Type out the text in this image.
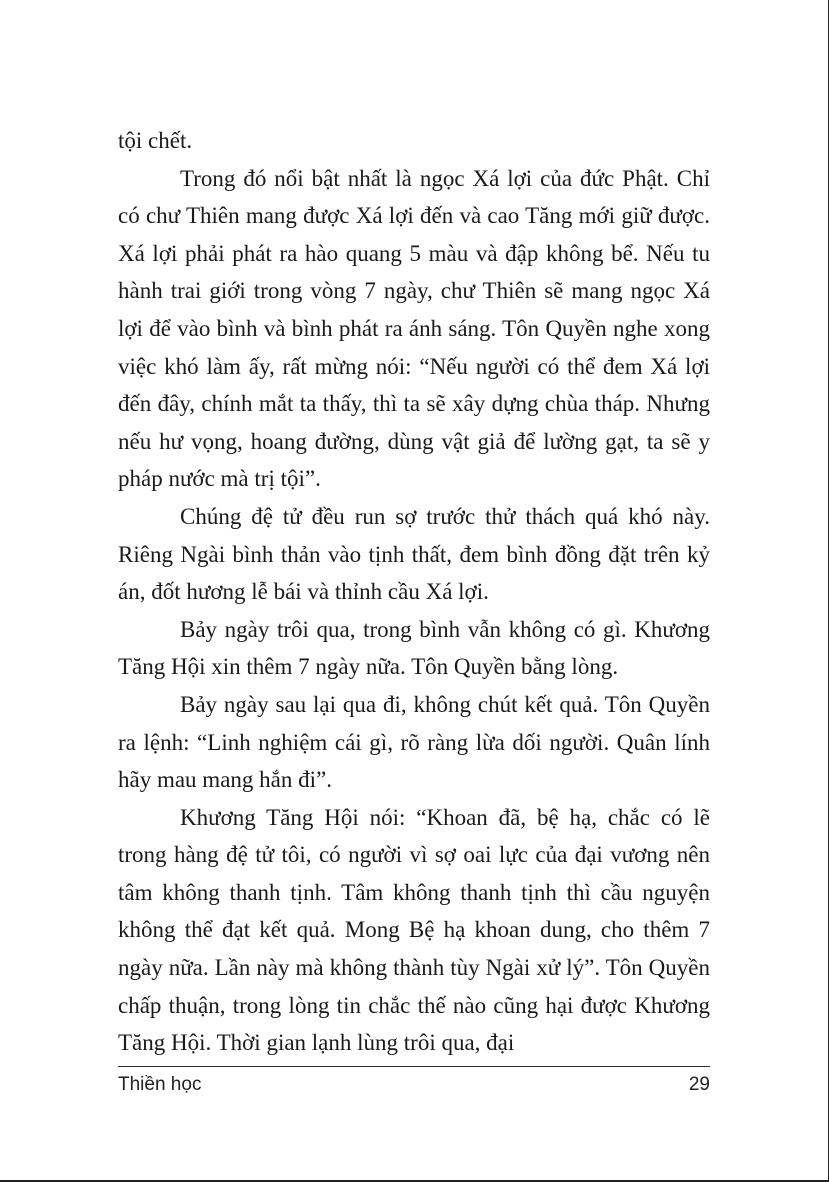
tội chết.

Trong đó nổi bật nhất là ngọc Xá lợi của đức Phật. Chỉ có chư Thiên mang được Xá lợi đến và cao Tăng mới giữ được. Xá lợi phải phát ra hào quang 5 màu và đập không bể. Nếu tu hành trai giới trong vòng 7 ngày, chư Thiên sẽ mang ngọc Xá lợi để vào bình và bình phát ra ánh sáng. Tôn Quyền nghe xong việc khó làm ấy, rất mừng nói: “Nếu người có thể đem Xá lợi đến đây, chính mắt ta thấy, thì ta sẽ xây dựng chùa tháp. Nhưng nếu hư vọng, hoang đường, dùng vật giả để lường gạt, ta sẽ y pháp nước mà trị tội”.

Chúng đệ tử đều run sợ trước thử thách quá khó này. Riêng Ngài bình thản vào tịnh thất, đem bình đồng đặt trên kỷ án, đốt hương lễ bái và thỉnh cầu Xá lợi.

Bảy ngày trôi qua, trong bình vẫn không có gì. Khương Tăng Hội xin thêm 7 ngày nữa. Tôn Quyền bằng lòng.

Bảy ngày sau lại qua đi, không chút kết quả. Tôn Quyền ra lệnh: “Linh nghiệm cái gì, rõ ràng lừa dối người. Quân lính hãy mau mang hắn đi”.

Khương Tăng Hội nói: “Khoan đã, bệ hạ, chắc có lẽ trong hàng đệ tử tôi, có người vì sợ oai lực của đại vương nên tâm không thanh tịnh. Tâm không thanh tịnh thì cầu nguyện không thể đạt kết quả. Mong Bệ hạ khoan dung, cho thêm 7 ngày nữa. Lần này mà không thành tùy Ngài xử lý”. Tôn Quyền chấp thuận, trong lòng tin chắc thế nào cũng hại được Khương Tăng Hội. Thời gian lạnh lùng trôi qua, đại

Thiền học	29
